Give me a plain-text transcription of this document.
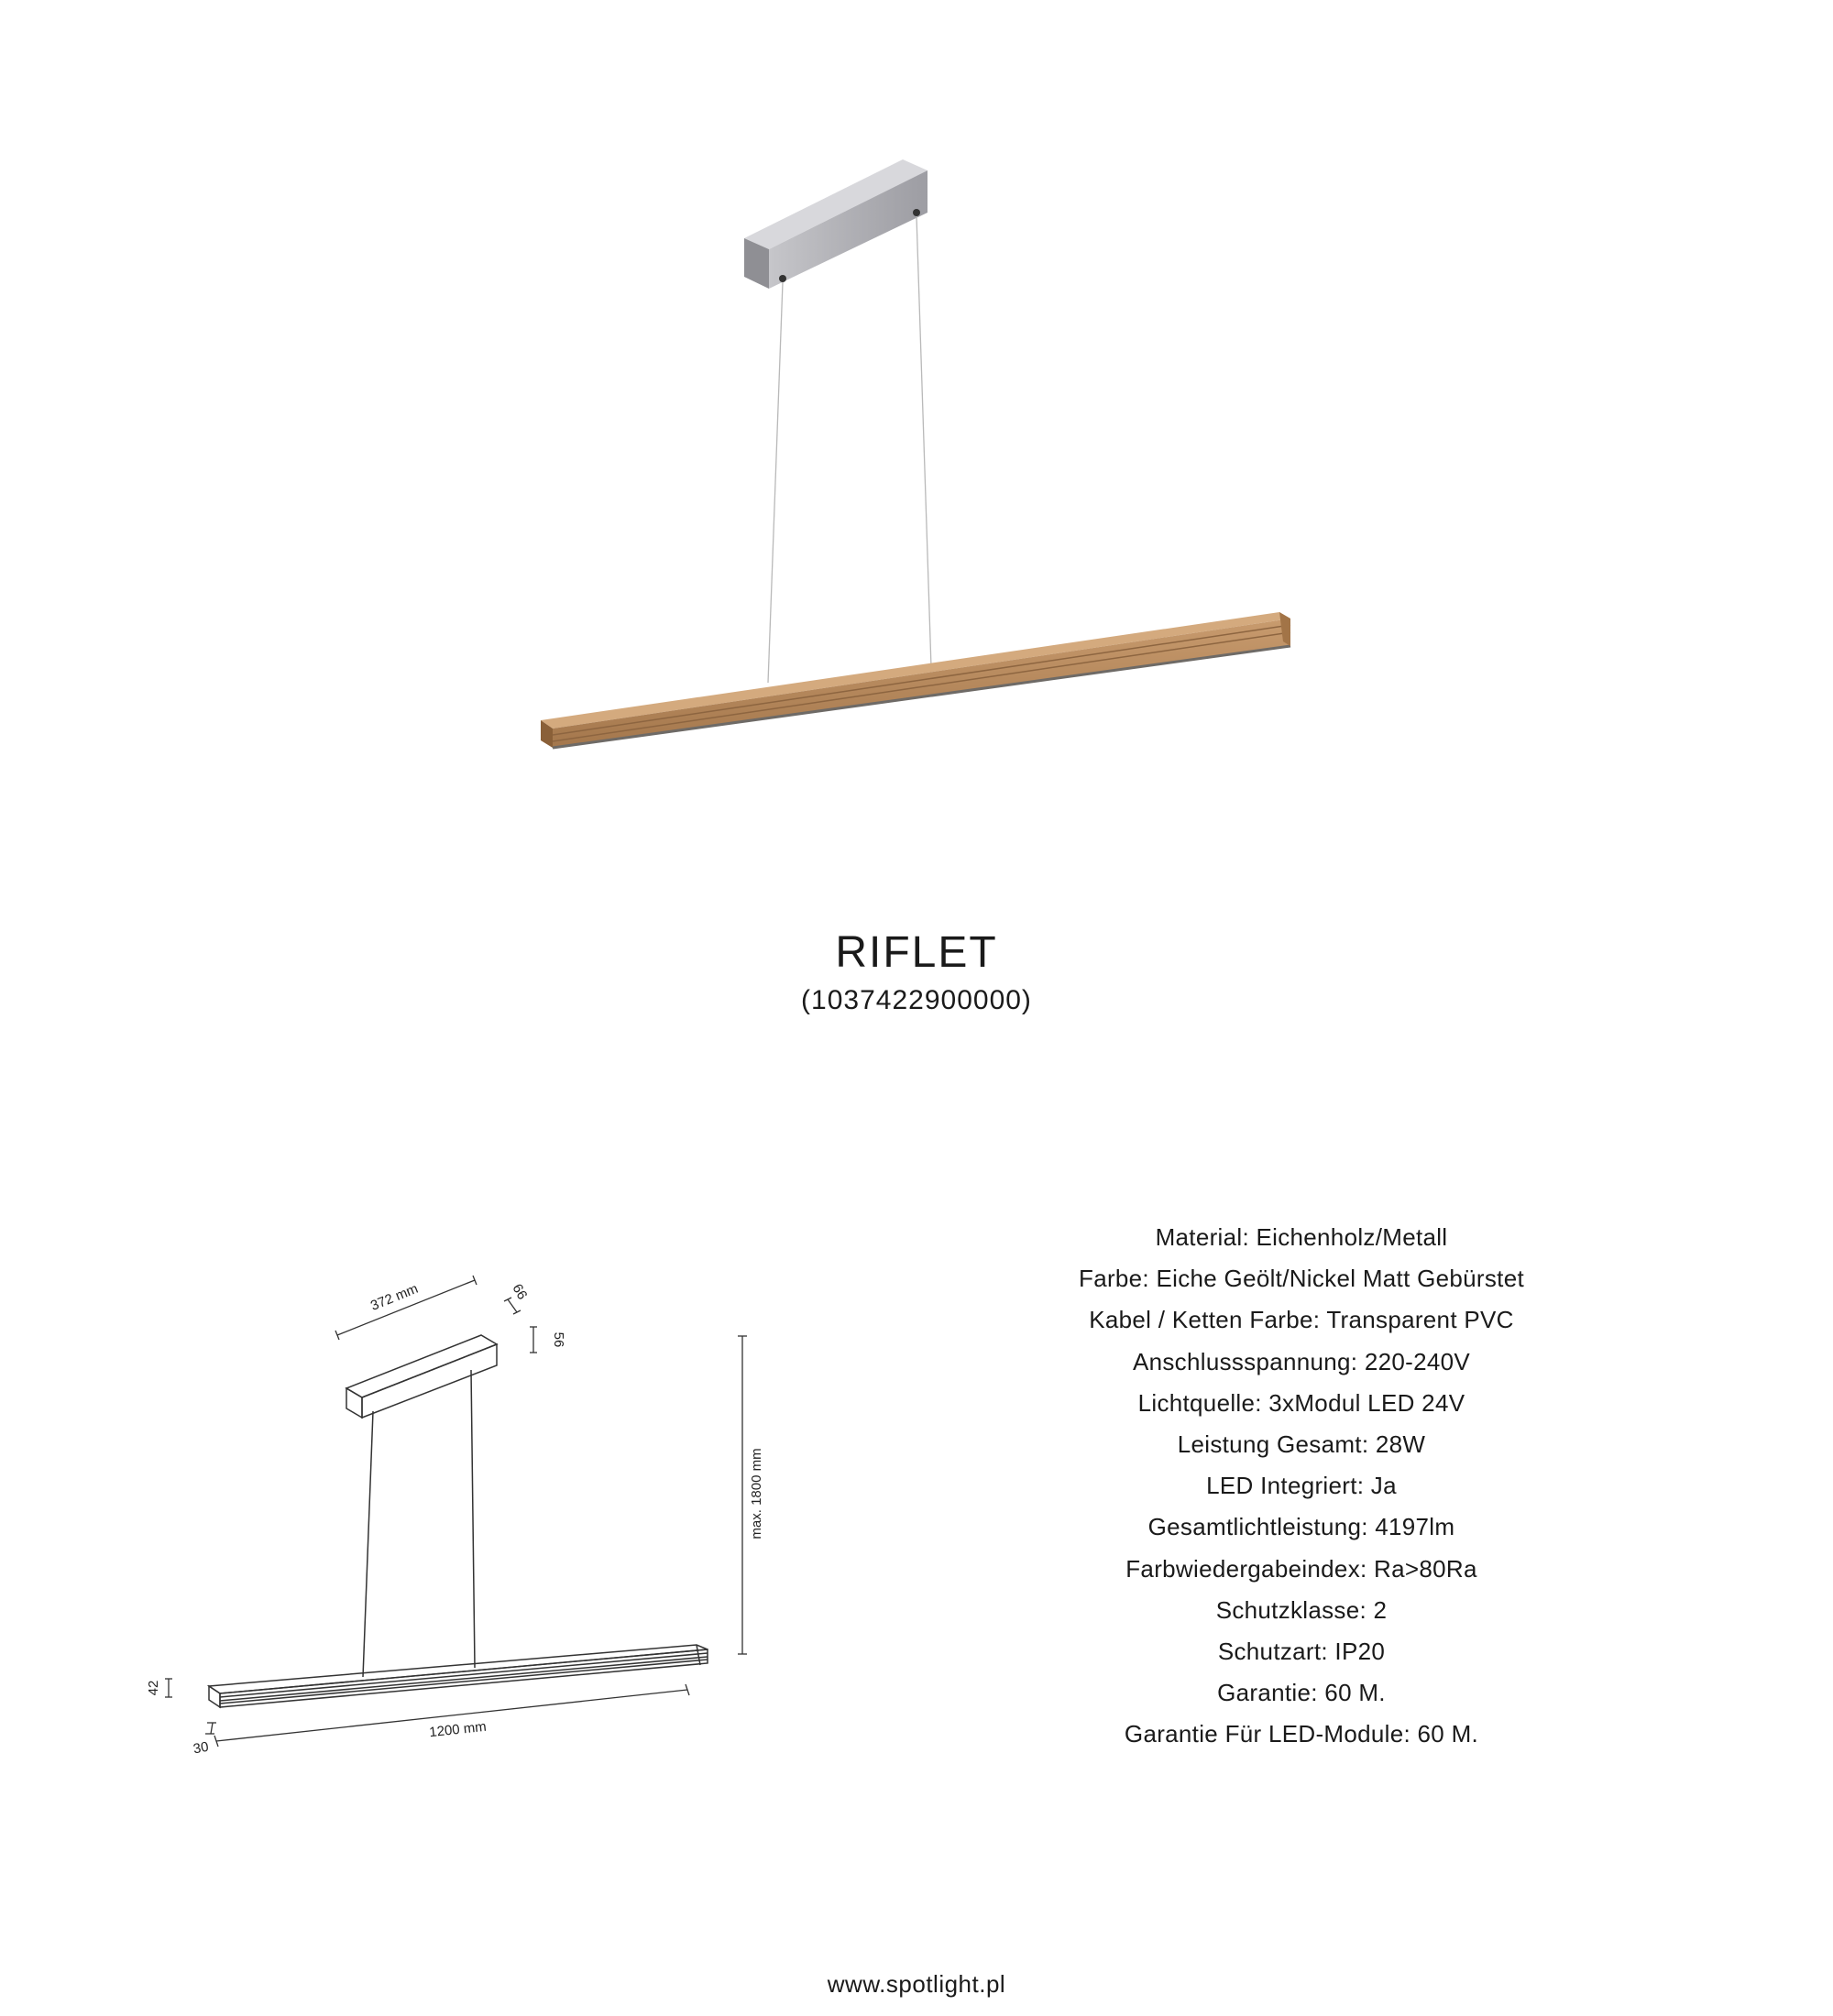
RIFLET
(1037422900000)
372 mm	66
56
max. 1800 mm
42
1200 mm
30
Material: Eichenholz/Metall
Farbe: Eiche Geölt/Nickel Matt Gebürstet
Kabel / Ketten Farbe: Transparent PVC
Anschlussspannung: 220-240V
Lichtquelle: 3xModul LED 24V
Leistung Gesamt: 28W
LED Integriert: Ja
Gesamtlichtleistung: 4197lm
Farbwiedergabeindex: Ra>80Ra
Schutzklasse: 2
Schutzart: IP20
Garantie: 60 M.
Garantie Für LED-Module: 60 M.
www.spotlight.pl
